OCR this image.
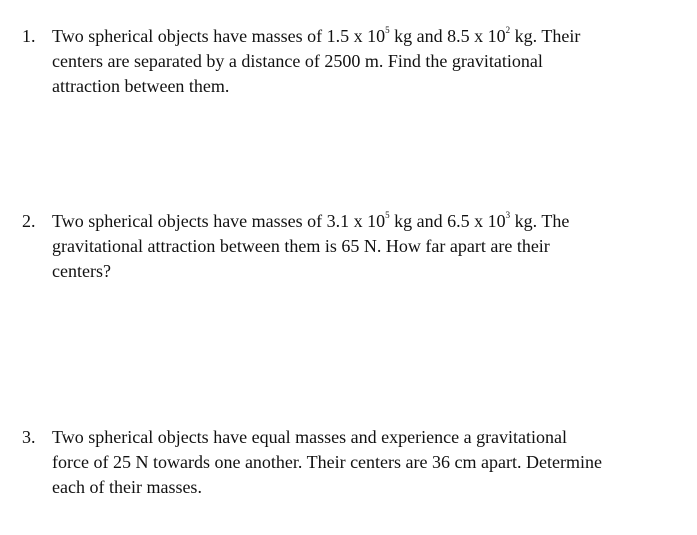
1. Two spherical objects have masses of 1.5 x $10^5$ kg and 8.5 x $10^2$ kg. Their
centers are separated by a distance of 2500 m. Find the gravitational
attraction between them.
2. Two spherical objects have masses of 3.1 x $10^5$ kg and 6.5 x $10^3$ kg. The
gravitational attraction between them is 65 N. How far apart are their
centers?
3. Two spherical objects have equal masses and experience a gravitational
force of 25 N towards one another. Their centers are 36 cm apart. Determine
each of their masses.
